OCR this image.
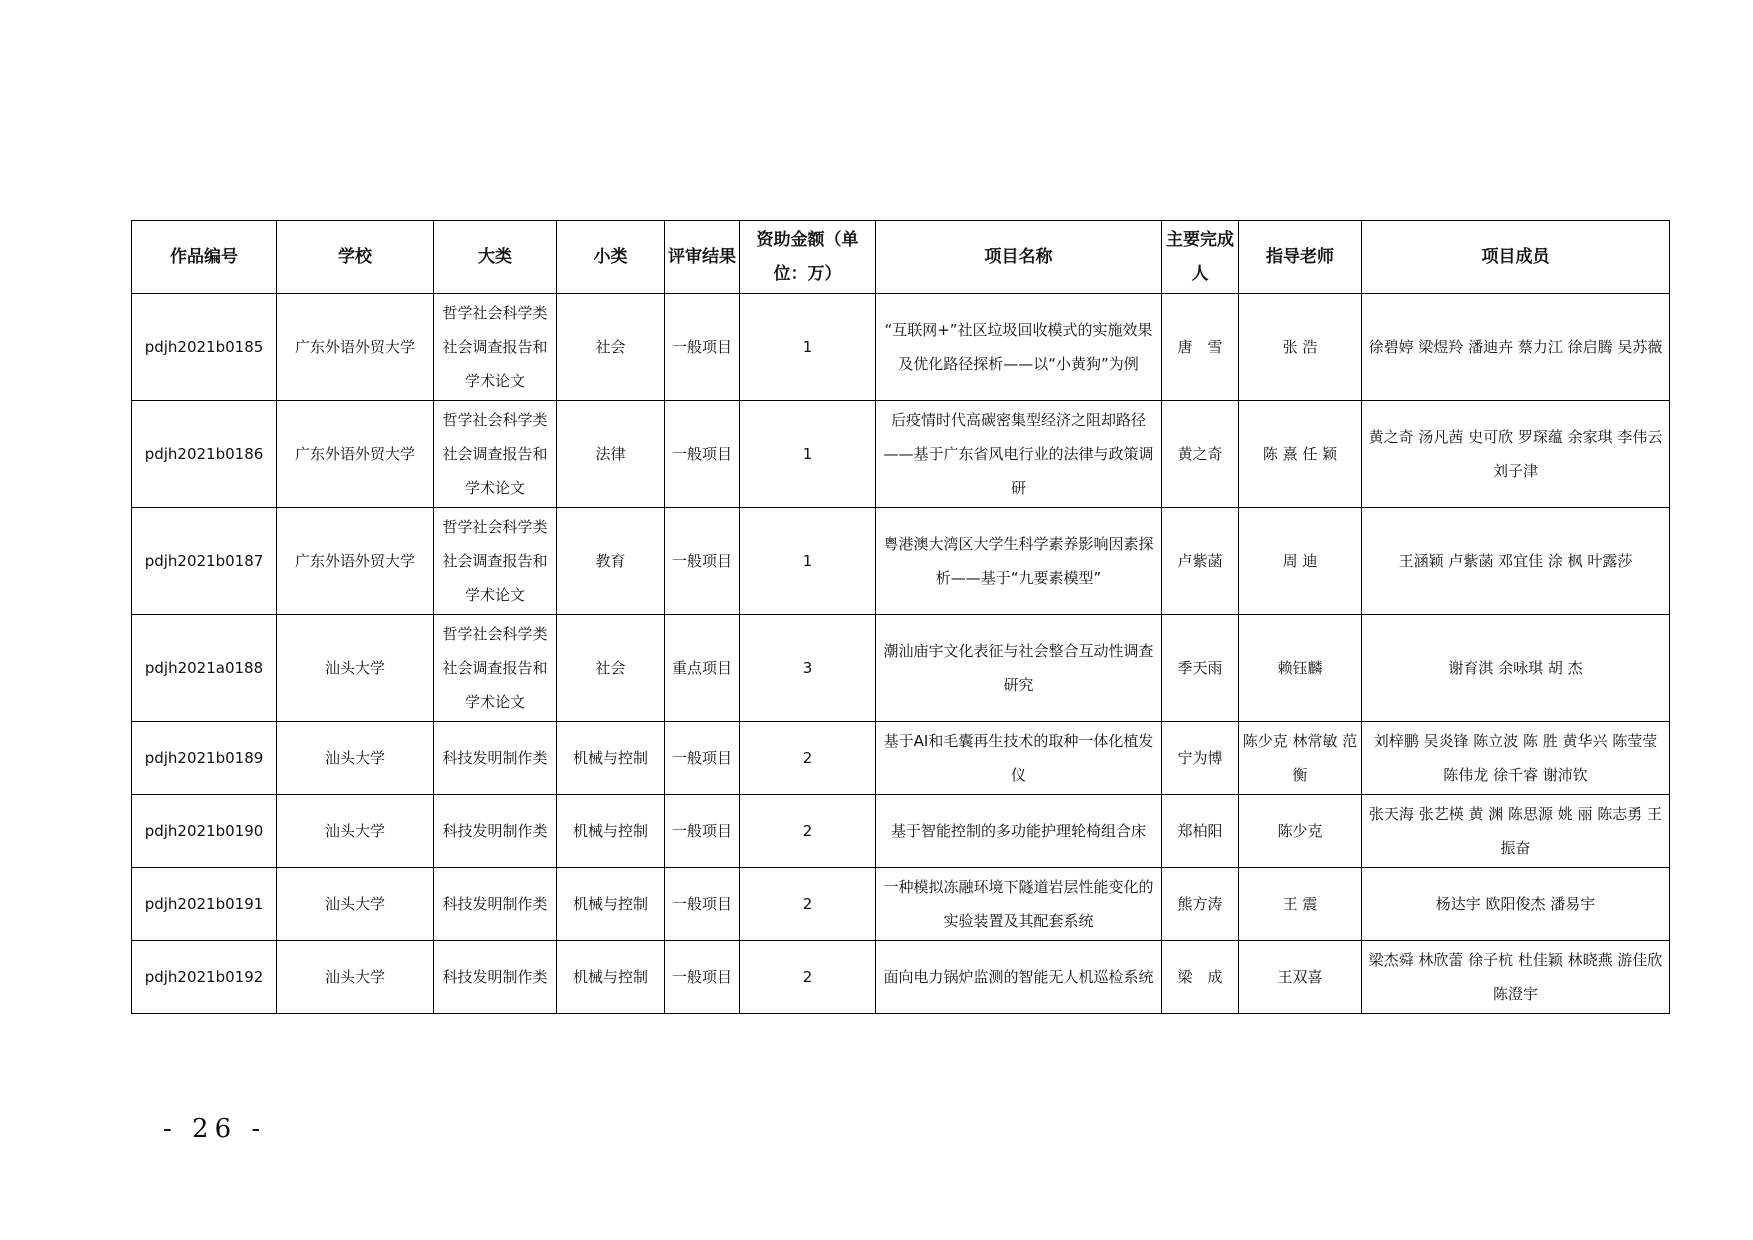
作品编号	学校	大类	小类	评审结果	资助金额（单位：万）	项目名称	主要完成人	指导老师	项目成员
pdjh2021b0185	广东外语外贸大学	哲学社会科学类社会调查报告和学术论文	社会	一般项目	1	“互联网+”社区垃圾回收模式的实施效果及优化路径探析——以“小黄狗”为例	唐　雪	张 浩	徐碧婷 梁煜羚 潘迪卉 蔡力江 徐启腾 吴苏薇
pdjh2021b0186	广东外语外贸大学	哲学社会科学类社会调查报告和学术论文	法律	一般项目	1	后疫情时代高碳密集型经济之阻却路径——基于广东省风电行业的法律与政策调研	黄之奇	陈 熹 任 颖	黄之奇 汤凡茜 史可欣 罗琛蕴 余家琪 李伟云 刘子津
pdjh2021b0187	广东外语外贸大学	哲学社会科学类社会调查报告和学术论文	教育	一般项目	1	粤港澳大湾区大学生科学素养影响因素探析——基于“九要素模型”	卢紫菡	周 迪	王涵颖 卢紫菡 邓宜佳 涂 枫 叶露莎
pdjh2021a0188	汕头大学	哲学社会科学类社会调查报告和学术论文	社会	重点项目	3	潮汕庙宇文化表征与社会整合互动性调查研究	季天雨	赖钰麟	谢育淇 余咏琪 胡 杰
pdjh2021b0189	汕头大学	科技发明制作类	机械与控制	一般项目	2	基于AI和毛囊再生技术的取种一体化植发仪	宁为博	陈少克 林常敏 范 衡	刘梓鹏 吴炎锋 陈立波 陈 胜 黄华兴 陈莹莹 陈伟龙 徐千睿 谢沛钦
pdjh2021b0190	汕头大学	科技发明制作类	机械与控制	一般项目	2	基于智能控制的多功能护理轮椅组合床	郑柏阳	陈少克	张天海 张艺楧 黄 渊 陈思源 姚 丽 陈志勇 王振奋
pdjh2021b0191	汕头大学	科技发明制作类	机械与控制	一般项目	2	一种模拟冻融环境下隧道岩层性能变化的实验装置及其配套系统	熊方涛	王 震	杨达宇 欧阳俊杰 潘易宇
pdjh2021b0192	汕头大学	科技发明制作类	机械与控制	一般项目	2	面向电力锅炉监测的智能无人机巡检系统	梁　成	王双喜	梁杰舜 林欣蕾 徐子杭 杜佳颖 林晓燕 游佳欣 陈澄宇
- 26 -
